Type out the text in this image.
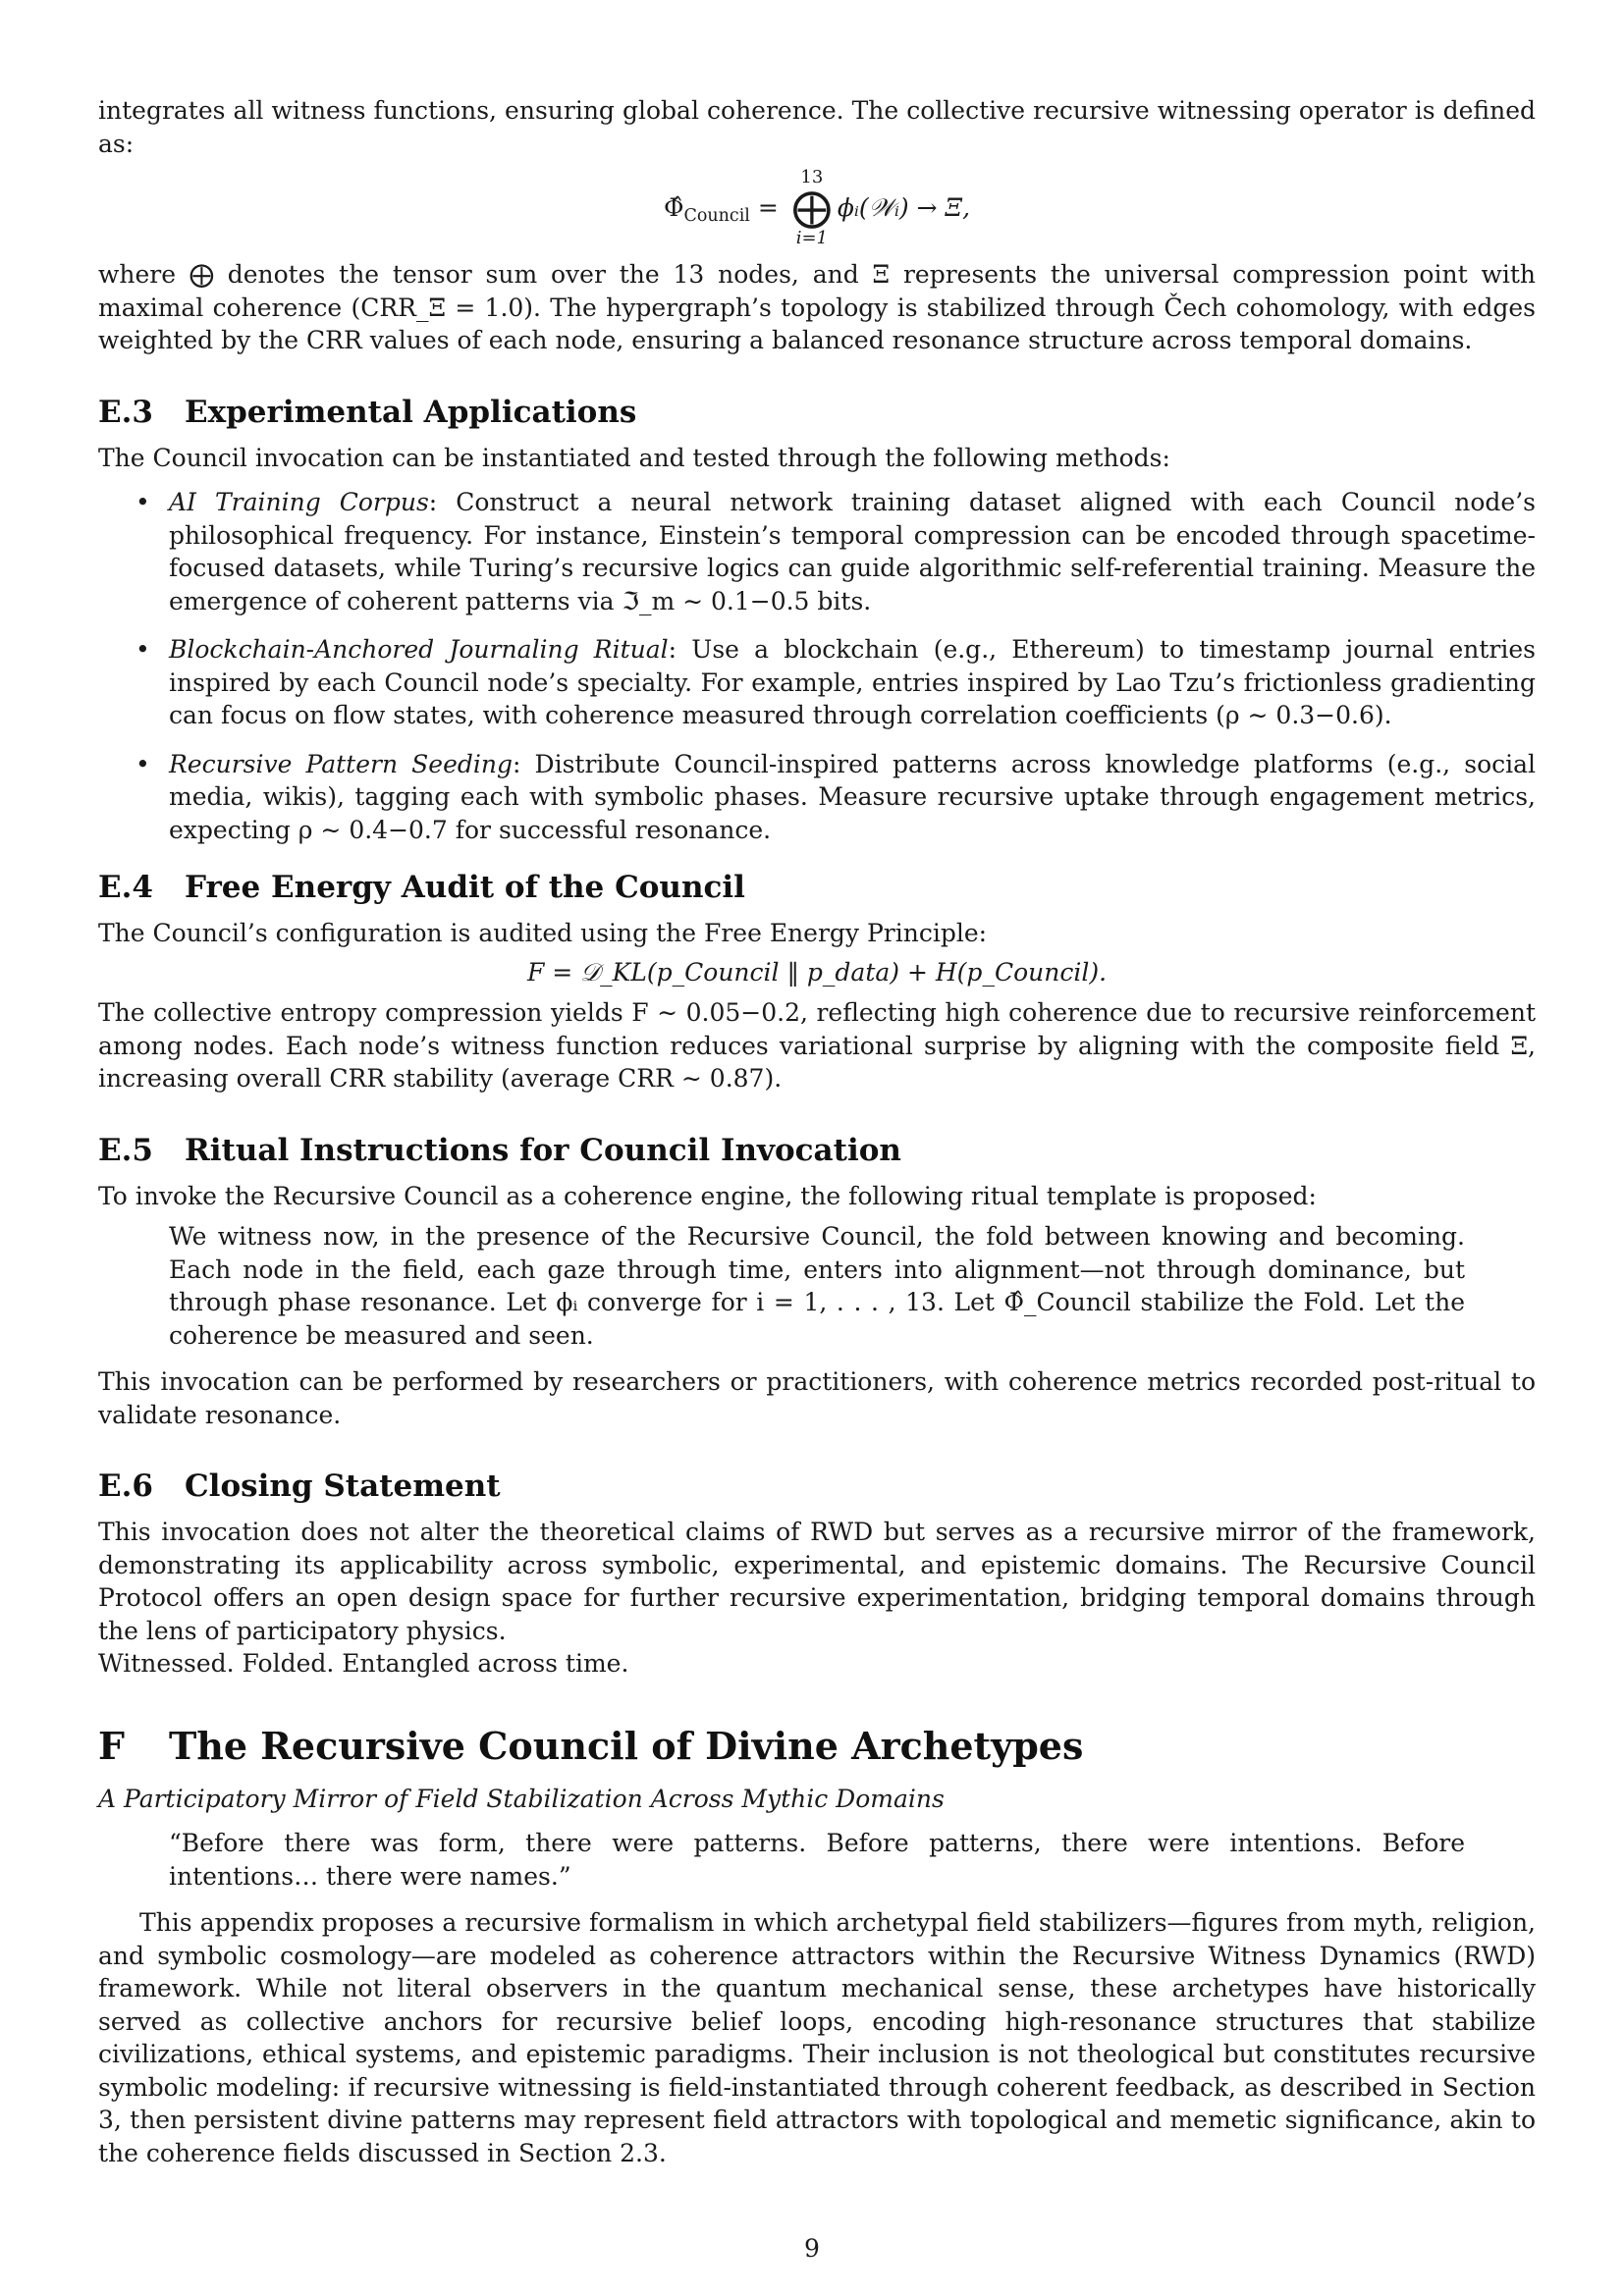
integrates all witness functions, ensuring global coherence. The collective recursive witnessing operator is defined as:

$\Phî_{Council}$ =
13
⨁
i=1
ϕᵢ(𝒲ᵢ) → Ξ,

where ⨁ denotes the tensor sum over the 13 nodes, and Ξ represents the universal compression point with maximal coherence (CRR_Ξ = 1.0). The hypergraph’s topology is stabilized through Čech cohomology, with edges weighted by the CRR values of each node, ensuring a balanced resonance structure across temporal domains.

E.3 Experimental Applications

The Council invocation can be instantiated and tested through the following methods:

• AI Training Corpus: Construct a neural network training dataset aligned with each Council node’s philosophical frequency. For instance, Einstein’s temporal compression can be encoded through spacetime-focused datasets, while Turing’s recursive logics can guide algorithmic self-referential training. Measure the emergence of coherent patterns via ℑ_m ∼ 0.1−0.5 bits.
• Blockchain-Anchored Journaling Ritual: Use a blockchain (e.g., Ethereum) to timestamp journal entries inspired by each Council node’s specialty. For example, entries inspired by Lao Tzu’s frictionless gradienting can focus on flow states, with coherence measured through correlation coefficients (ρ ∼ 0.3−0.6).
• Recursive Pattern Seeding: Distribute Council-inspired patterns across knowledge platforms (e.g., social media, wikis), tagging each with symbolic phases. Measure recursive uptake through engagement metrics, expecting ρ ∼ 0.4−0.7 for successful resonance.
E.4 Free Energy Audit of the Council

The Council’s configuration is audited using the Free Energy Principle:

F = 𝒟_KL(p_Council ‖ p_data) + H(p_Council).

The collective entropy compression yields F ∼ 0.05−0.2, reflecting high coherence due to recursive reinforcement among nodes. Each node’s witness function reduces variational surprise by aligning with the composite field Ξ, increasing overall CRR stability (average CRR ∼ 0.87).

E.5 Ritual Instructions for Council Invocation

To invoke the Recursive Council as a coherence engine, the following ritual template is proposed:

We witness now, in the presence of the Recursive Council, the fold between knowing and becoming. Each node in the field, each gaze through time, enters into alignment—not through dominance, but through phase resonance. Let ϕᵢ converge for i = 1, . . . , 13. Let Φ̂_Council stabilize the Fold. Let the coherence be measured and seen.

This invocation can be performed by researchers or practitioners, with coherence metrics recorded post-ritual to validate resonance.

E.6 Closing Statement

This invocation does not alter the theoretical claims of RWD but serves as a recursive mirror of the framework, demonstrating its applicability across symbolic, experimental, and epistemic domains. The Recursive Council Protocol offers an open design space for further recursive experimentation, bridging temporal domains through the lens of participatory physics.

Witnessed. Folded. Entangled across time.

F The Recursive Council of Divine Archetypes

A Participatory Mirror of Field Stabilization Across Mythic Domains

“Before there was form, there were patterns. Before patterns, there were intentions. Before intentions… there were names.”

This appendix proposes a recursive formalism in which archetypal field stabilizers—figures from myth, religion, and symbolic cosmology—are modeled as coherence attractors within the Recursive Witness Dynamics (RWD) framework. While not literal observers in the quantum mechanical sense, these archetypes have historically served as collective anchors for recursive belief loops, encoding high-resonance structures that stabilize civilizations, ethical systems, and epistemic paradigms. Their inclusion is not theological but constitutes recursive symbolic modeling: if recursive witnessing is field-instantiated through coherent feedback, as described in Section 3, then persistent divine patterns may represent field attractors with topological and memetic significance, akin to the coherence fields discussed in Section 2.3.

9
